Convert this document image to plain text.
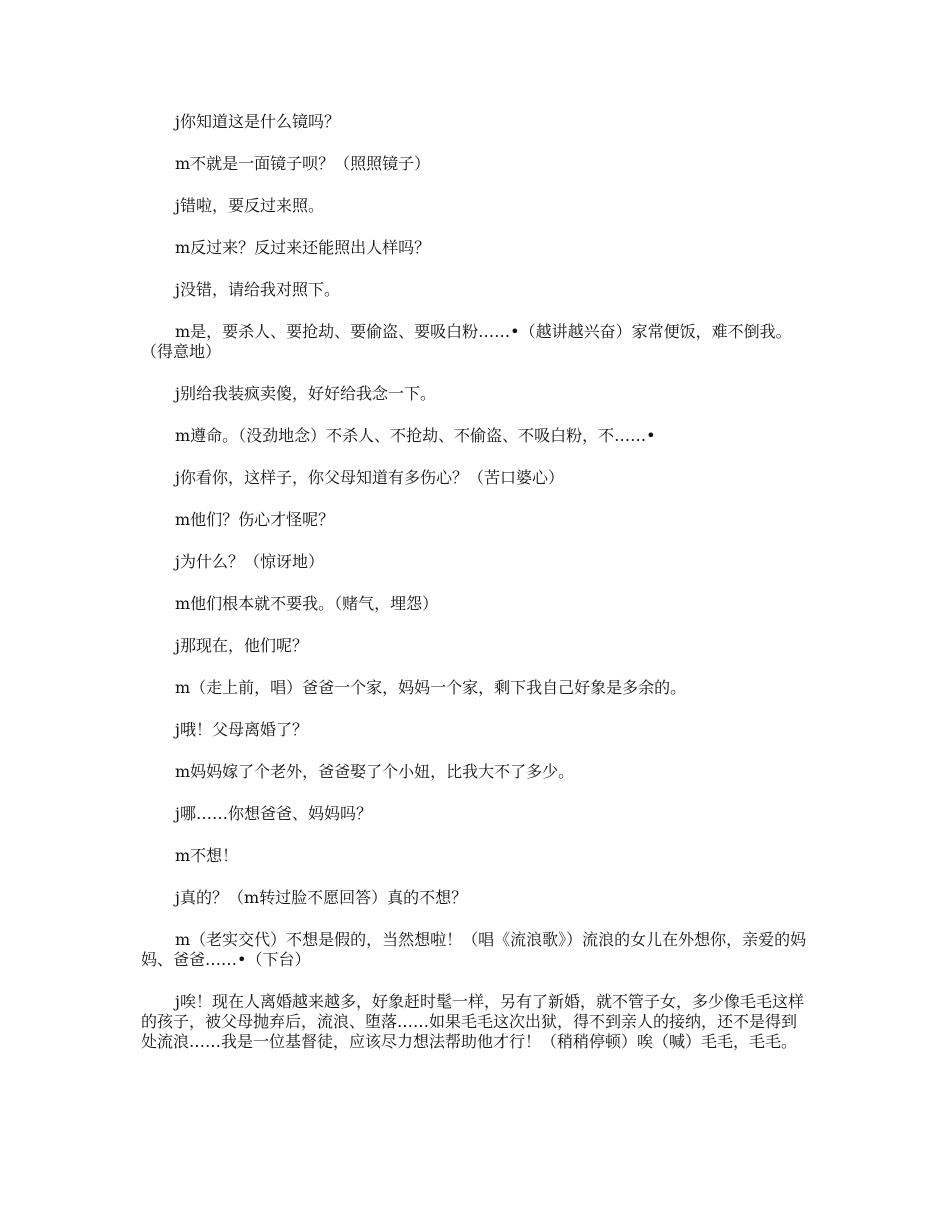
j你知道这是什么镜吗？

m不就是一面镜子呗？（照照镜子）

j错啦，要反过来照。

m反过来？反过来还能照出人样吗？

j没错，请给我对照下。

m是，要杀人、要抢劫、要偷盗、要吸白粉……•（越讲越兴奋）家常便饭，难不倒我。（得意地）

j别给我装疯卖傻，好好给我念一下。

m遵命。（没劲地念）不杀人、不抢劫、不偷盗、不吸白粉，不……•

j你看你，这样子，你父母知道有多伤心？（苦口婆心）

m他们？伤心才怪呢？

j为什么？（惊讶地）

m他们根本就不要我。（赌气，埋怨）

j那现在，他们呢？

m（走上前，唱）爸爸一个家，妈妈一个家，剩下我自己好象是多余的。

j哦！父母离婚了？

m妈妈嫁了个老外，爸爸娶了个小妞，比我大不了多少。

j哪……你想爸爸、妈妈吗？

m不想！

j真的？（m转过脸不愿回答）真的不想？

m（老实交代）不想是假的，当然想啦！（唱《流浪歌》）流浪的女儿在外想你，亲爱的妈妈、爸爸……•（下台）

j唉！现在人离婚越来越多，好象赶时髦一样，另有了新婚，就不管子女，多少像毛毛这样的孩子，被父母抛弃后，流浪、堕落……如果毛毛这次出狱，得不到亲人的接纳，还不是得到处流浪……我是一位基督徒，应该尽力想法帮助他才行！（稍稍停顿）唉（喊）毛毛，毛毛。
